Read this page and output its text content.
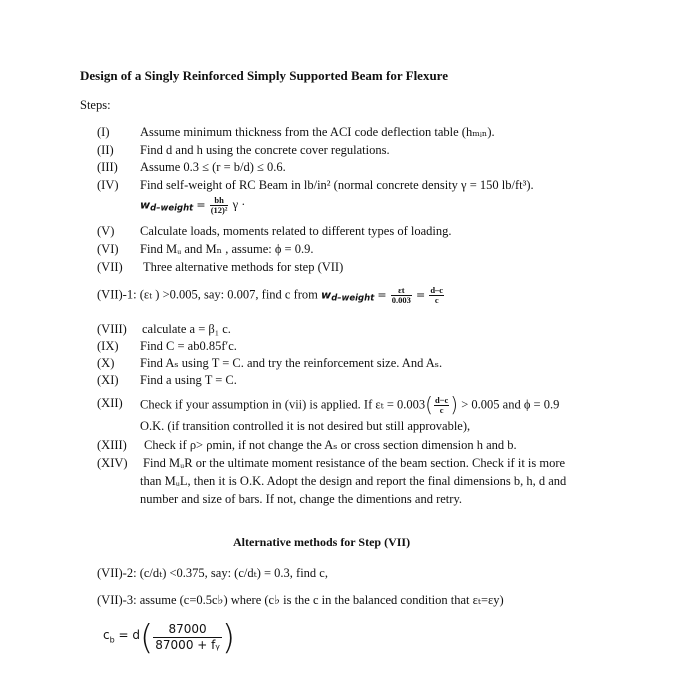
Design of a Singly Reinforced Simply Supported Beam for Flexure
Steps:
(I) Assume minimum thickness from the ACI code deflection table (hₘᵢₙ).
(II) Find d and h using the concrete cover regulations.
(III) Assume 0.3 ≤ (r = b/d) ≤ 0.6.
(IV) Find self-weight of RC Beam in lb/in² (normal concrete density γ = 150 lb/ft³).
wd–weight = $\frac{bh}{\text{(12)²}}$ γ ·
(V) Calculate loads, moments related to different types of loading.
(VI) Find Mᵤ and Mₙ , assume: ϕ = 0.9.
(VII) Three alternative methods for step (VII)
(VII)-1: (εₜ ) >0.005, say: 0.007, find c from wd–weight = $\frac{\varepsilon t}{0.003} = \frac{d-c}{c}$
(VIII) calculate a = β₁ c.
(IX) Find C = ab0.85f′c.
(X) Find Aₛ using T = C. and try the reinforcement size. And Aₛ.
(XI) Find a using T = C.
(XII) Check if your assumption in (vii) is applied. If $\varepsilon_t = 0.003( \frac{d-c}{c}$ ) > 0.005 and ϕ = 0.9
O.K. (if transition controlled it is not desired but still approvable),
(XIII) Check if ρ> ρmin, if not change the Aₛ or cross section dimension h and b.
(XIV) Find MᵤR or the ultimate moment resistance of the beam section. Check if it is more
than MᵤL, then it is O.K. Adopt the design and report the final dimensions b, h, d and
number and size of bars. If not, change the dimentions and retry.
Alternative methods for Step (VII)
(VII)-2: (c/dₜ) <0.375, say: (c/dₜ) = 0.3, find c,
(VII)-3: assume (c=0.5c♭) where (c♭ is the c in the balanced condition that εₜ=εy)
$c_b = d( \frac{87000}{\text{87000 + fᵧ}}$ )
